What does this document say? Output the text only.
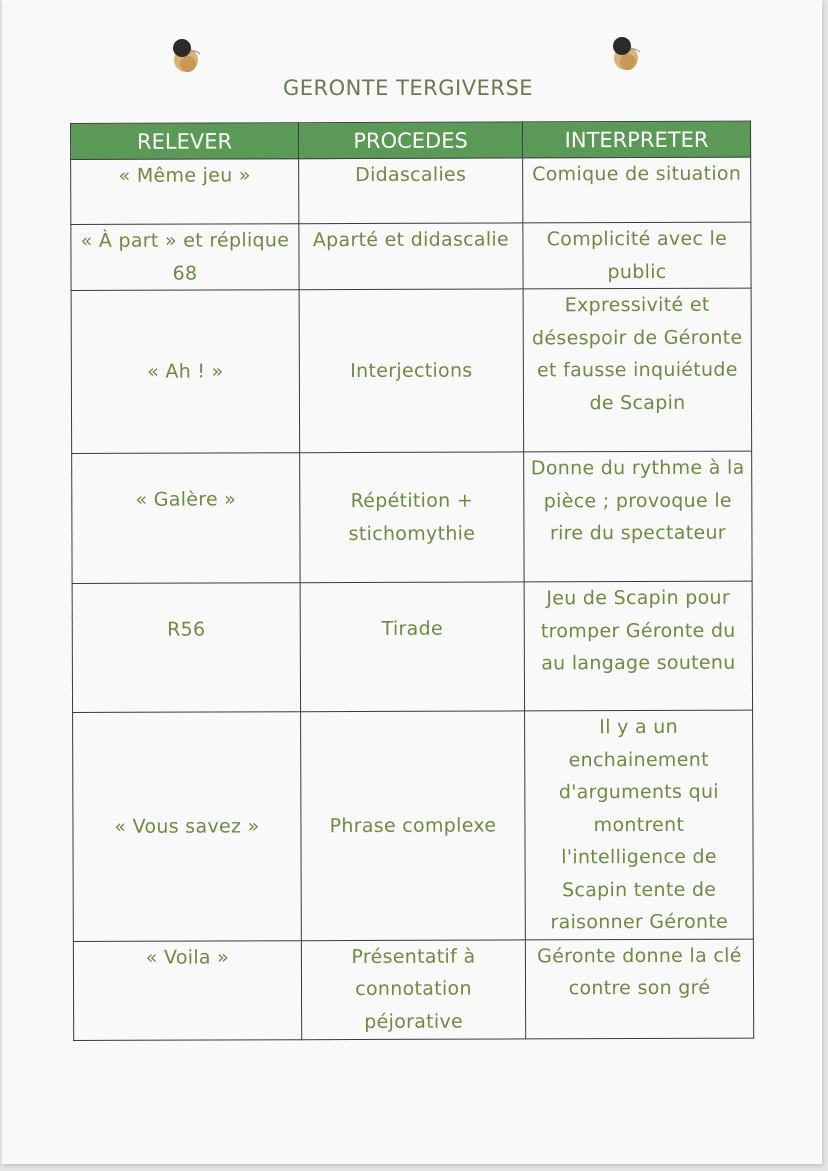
GERONTE TERGIVERSE
RELEVER	PROCEDES	INTERPRETER
« Même jeu »	Didascalies	Comique de situation
« À part » et réplique 68	Aparté et didascalie	Complicité avec le public
« Ah ! »	Interjections	Expressivité et désespoir de Géronte et fausse inquiétude de Scapin
« Galère »	Répétition + stichomythie	Donne du rythme à la pièce ; provoque le rire du spectateur
R56	Tirade	Jeu de Scapin pour tromper Géronte du au langage soutenu
« Vous savez »	Phrase complexe	Il y a un enchainement d'arguments qui montrent l'intelligence de Scapin tente de raisonner Géronte
« Voila »	Présentatif à connotation péjorative	Géronte donne la clé contre son gré
